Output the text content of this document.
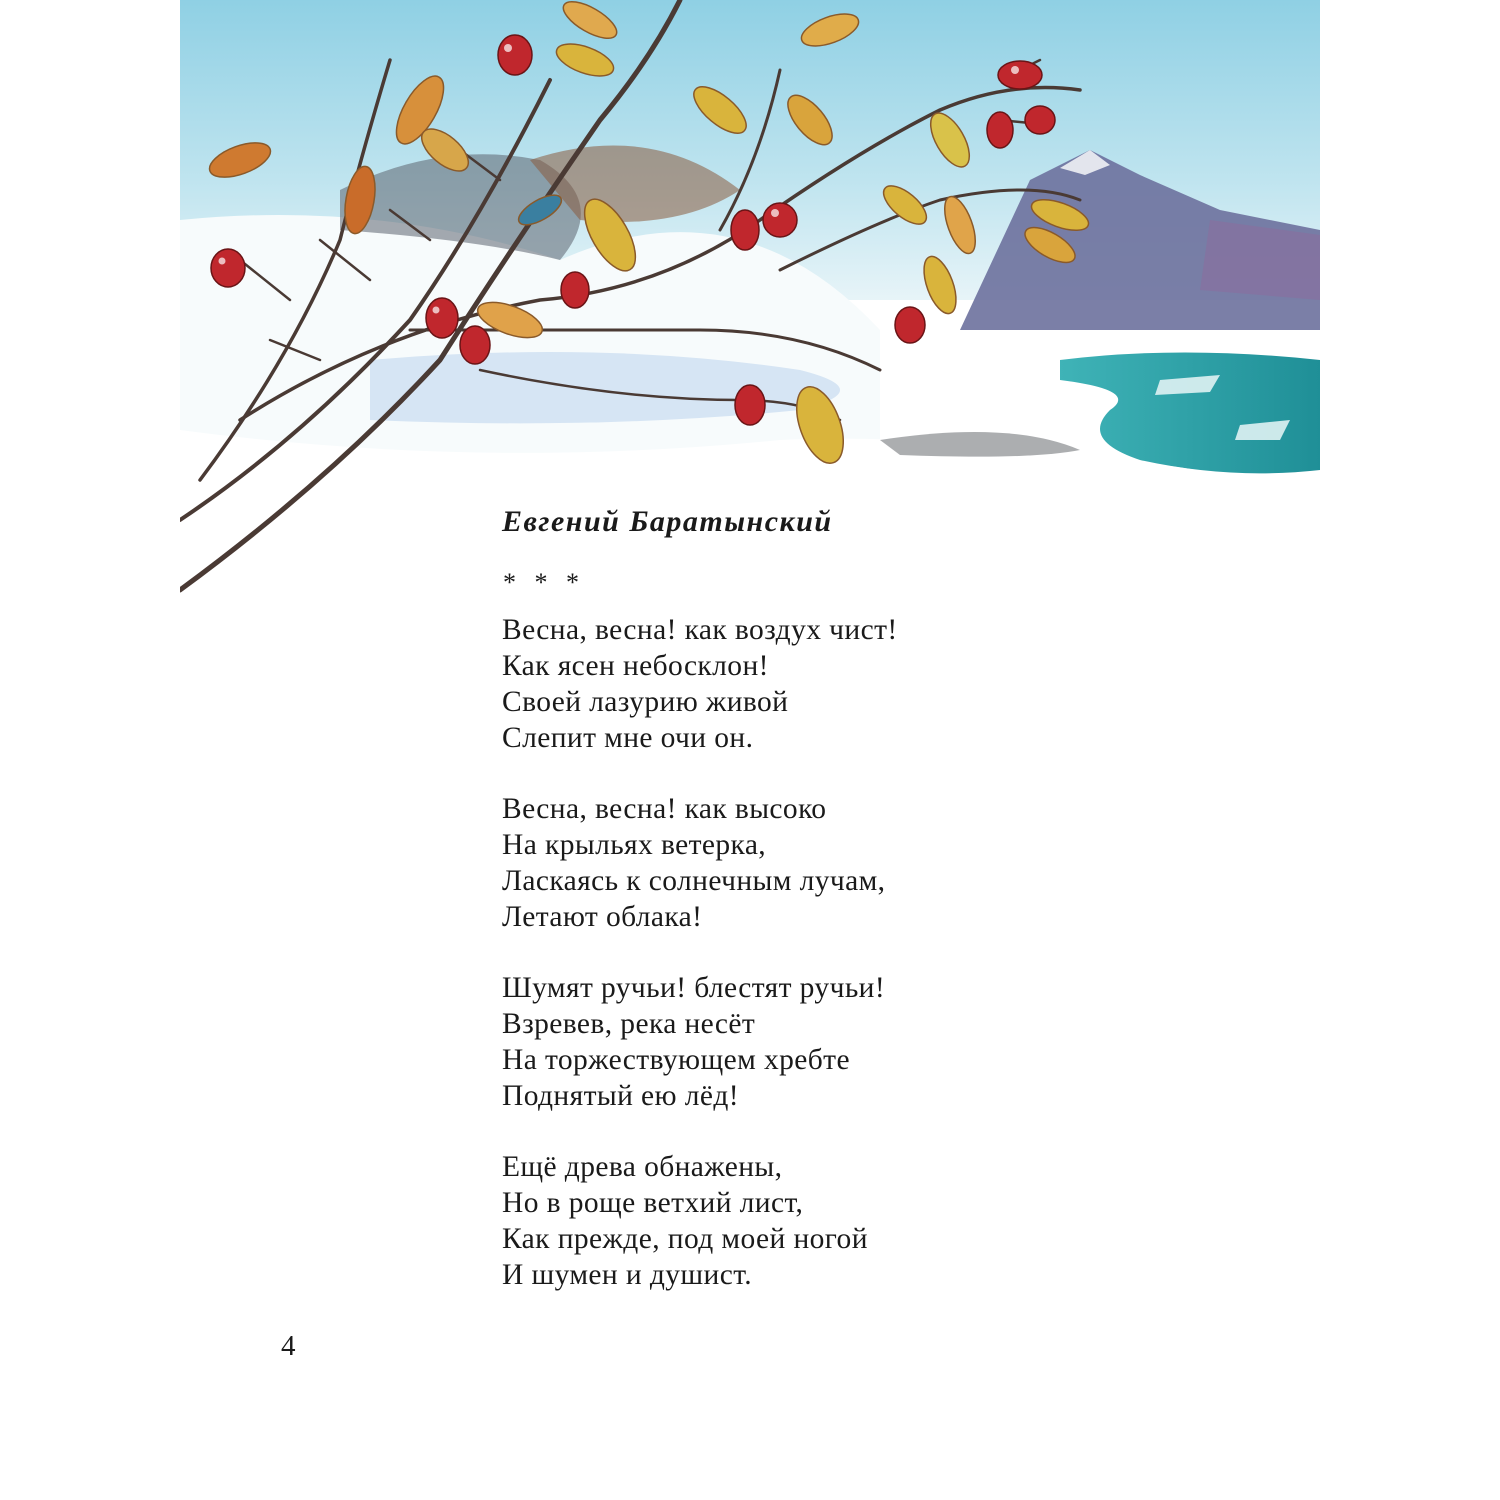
Евгений Баратынский

* * *
Весна, весна! как воздух чист!
Как ясен небосклон!
Своей лазурию живой
Слепит мне очи он.
Весна, весна! как высоко
На крыльях ветерка,
Ласкаясь к солнечным лучам,
Летают облака!
Шумят ручьи! блестят ручьи!
Взревев, река несёт
На торжествующем хребте
Поднятый ею лёд!
Ещё древа обнажены,
Но в роще ветхий лист,
Как прежде, под моей ногой
И шумен и душист.
4
